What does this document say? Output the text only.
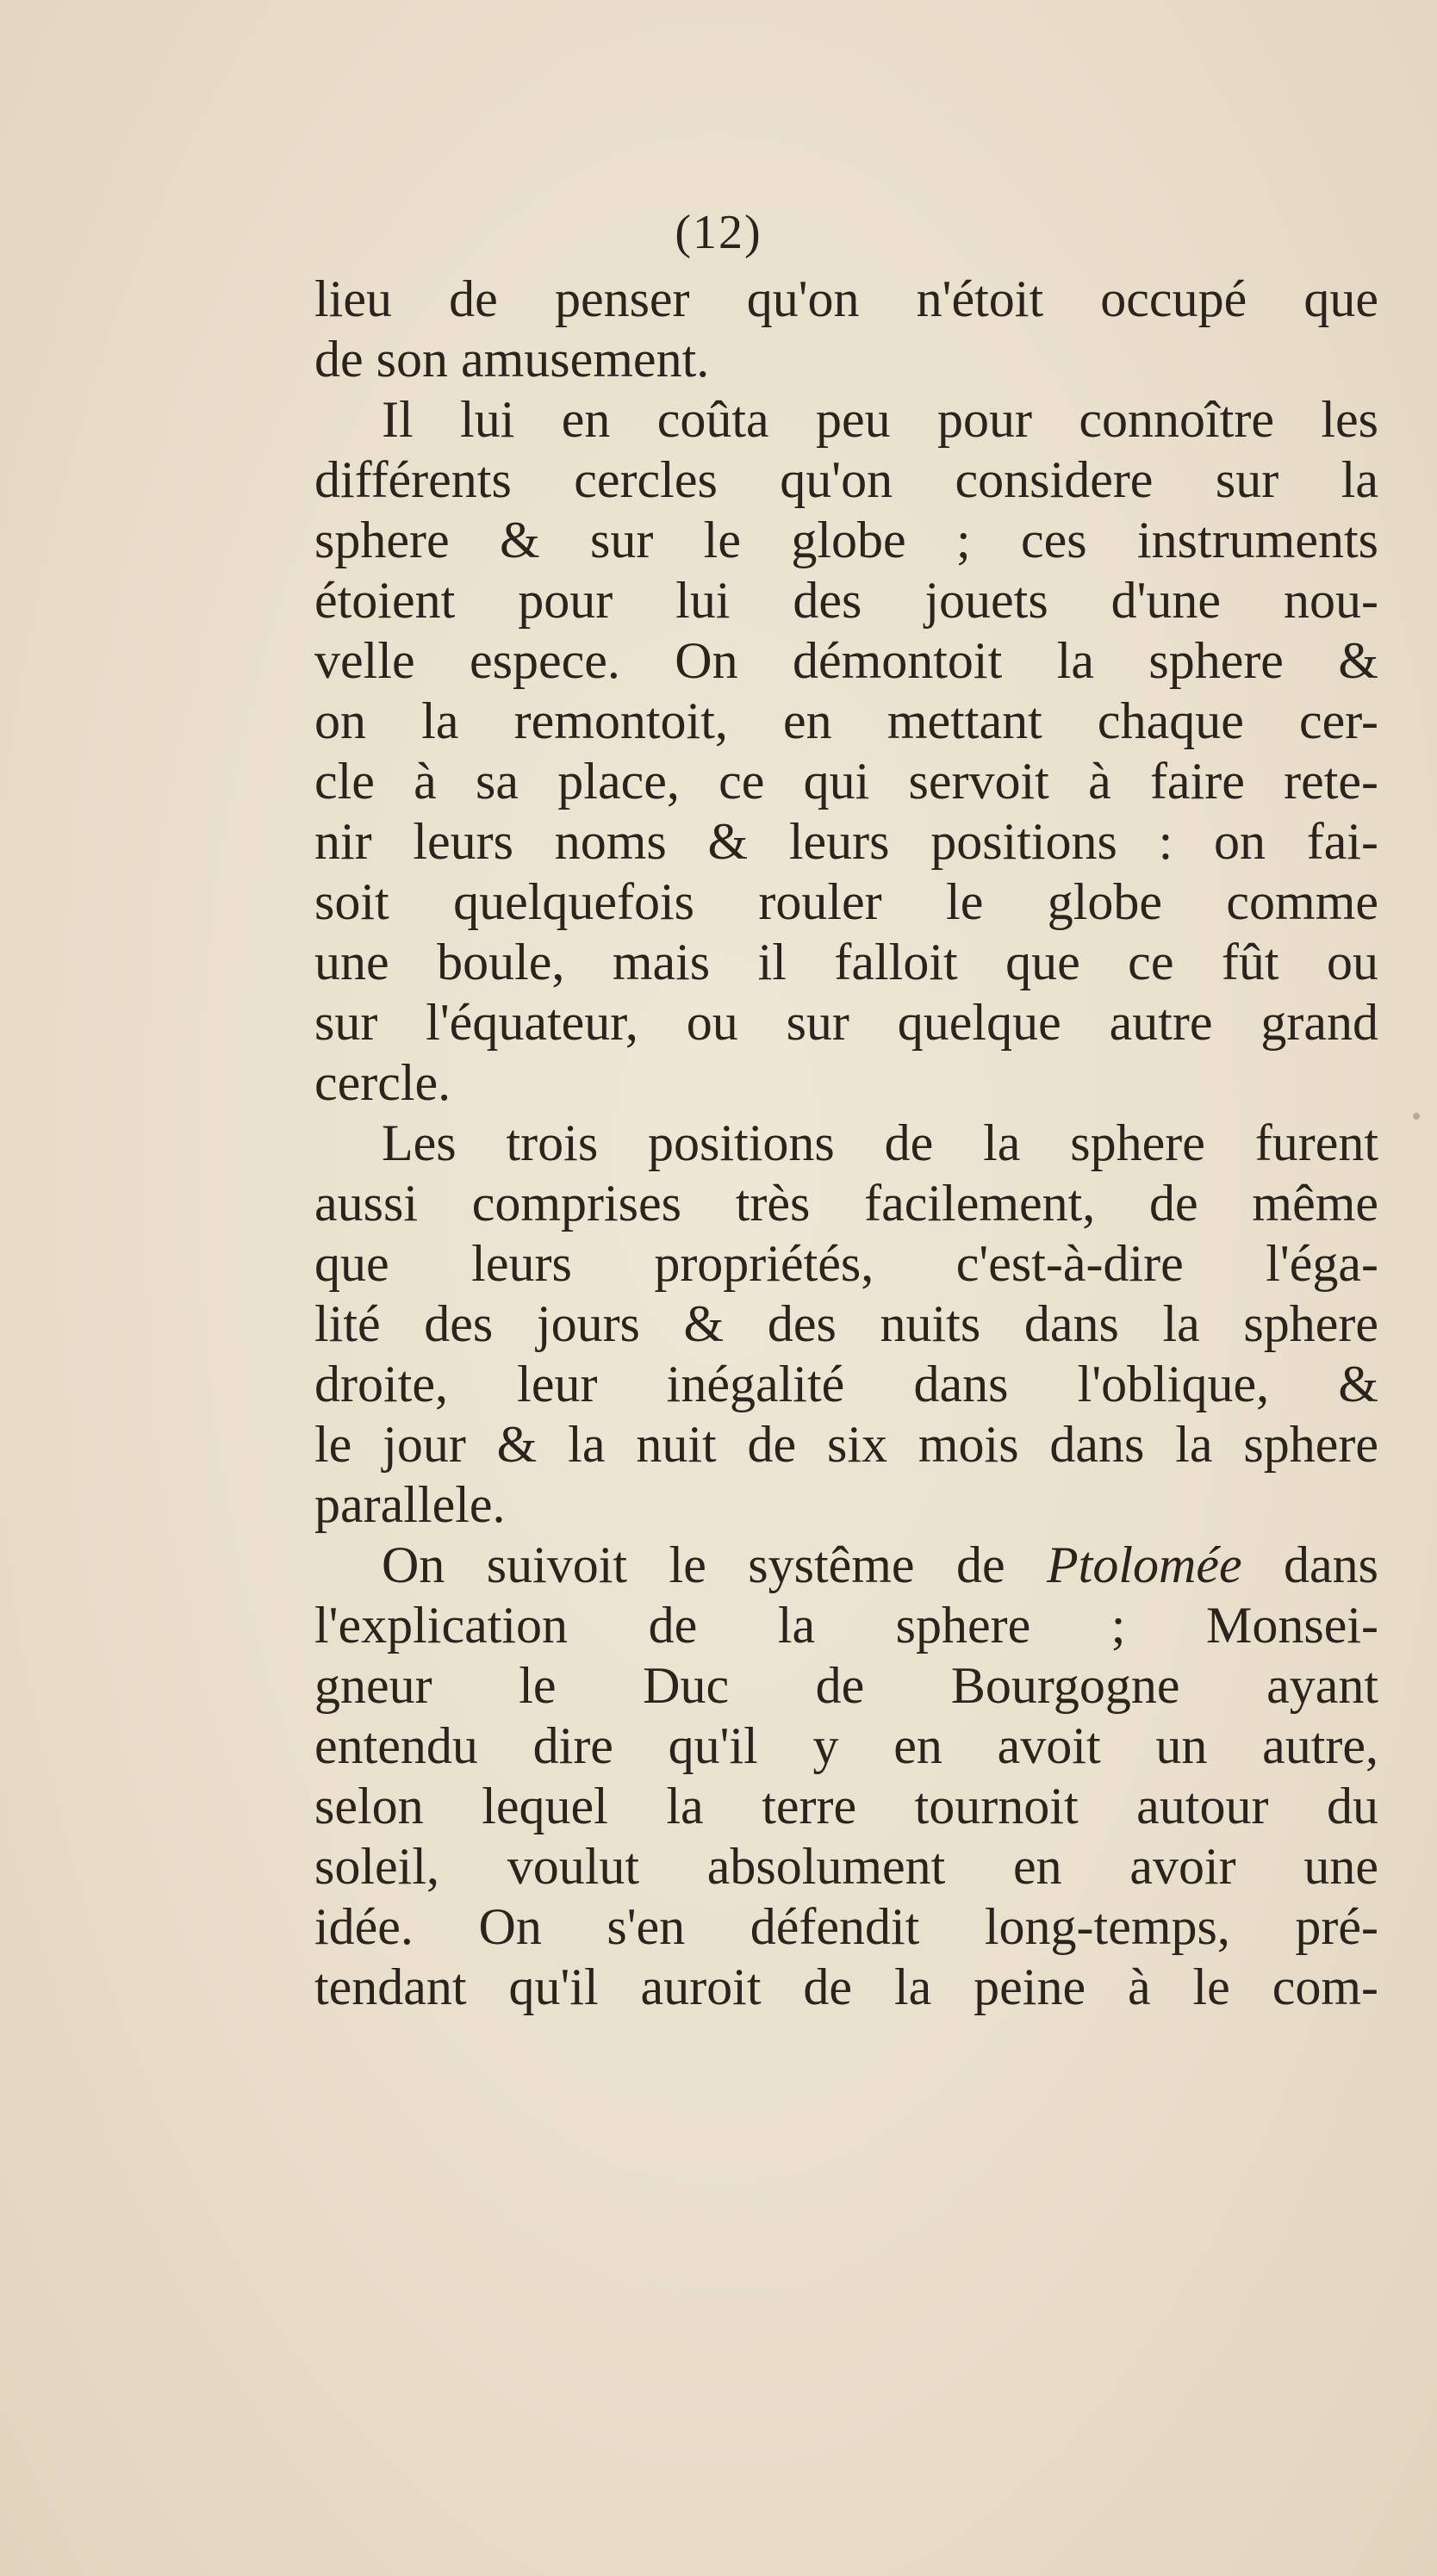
(12)
lieu de penser qu'on n'étoit occupé que
de son amusement.
Il lui en coûta peu pour connoître les
différents cercles qu'on considere sur la
sphere & sur le globe ; ces instruments
étoient pour lui des jouets d'une nou-
velle espece. On démontoit la sphere &
on la remontoit, en mettant chaque cer-
cle à sa place, ce qui servoit à faire rete-
nir leurs noms & leurs positions : on fai-
soit quelquefois rouler le globe comme
une boule, mais il falloit que ce fût ou
sur l'équateur, ou sur quelque autre grand
cercle.
Les trois positions de la sphere furent
aussi comprises très facilement, de même
que leurs propriétés, c'est-à-dire l'éga-
lité des jours & des nuits dans la sphere
droite, leur inégalité dans l'oblique, &
le jour & la nuit de six mois dans la sphere
parallele.
On suivoit le systême de Ptolomée dans
l'explication de la sphere ; Monsei-
gneur le Duc de Bourgogne ayant
entendu dire qu'il y en avoit un autre,
selon lequel la terre tournoit autour du
soleil, voulut absolument en avoir une
idée. On s'en défendit long-temps, pré-
tendant qu'il auroit de la peine à le com-
